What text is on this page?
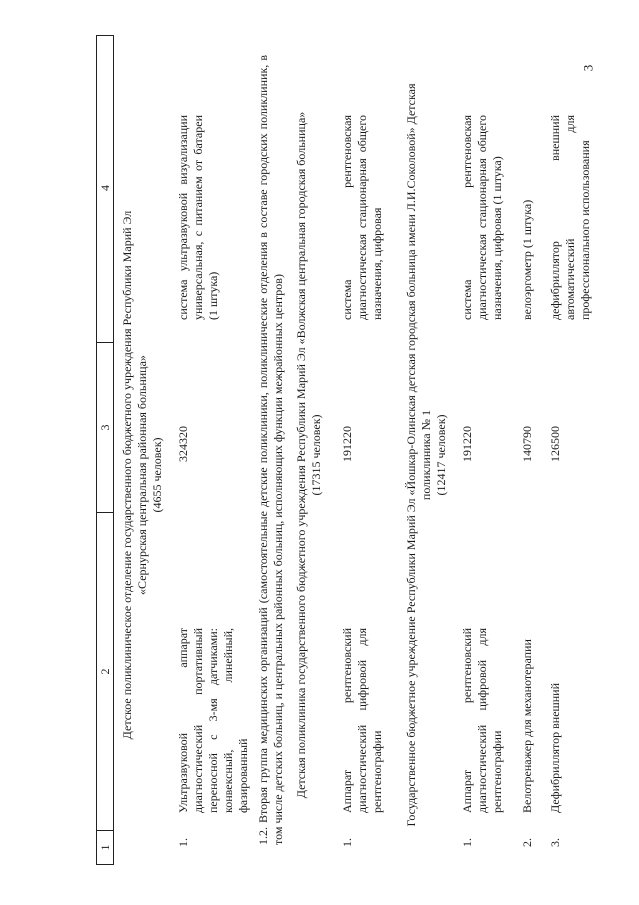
3
1
2
3
4
Детское поликлиническое отделение государственного бюджетного учреждения Республики Марий Эл «Сернурская центральная районная больница» (4655 человек)
1.
Ультразвуковой аппарат диагностический портативный переносной с 3-мя датчиками: конвексный, линейный, фазированный
324320
система ультразвуковой визуализации универсальная, с питанием от батареи (1 штука)	1.2. Вторая группа медицинских организаций (самостоятельные детские поликлиники, поликлинические отделения в составе городских поликлиник, в том числе детских больниц, и центральных районных больниц, исполняющих функции межрайонных центров) Детская поликлиника государственного бюджетного учреждения Республики Марий Эл «Волжская центральная городская больница» (17315 человек)
1.
Аппарат рентгеновский диагностический цифровой для рентгенографии
191220
система рентгеновская диагностическая стационарная общего назначения, цифровая Государственное бюджетное учреждение Республики Марий Эл «Йошкар-Олинская детская городская больница имени Л.И.Соколовой» Детская поликлиника № 1 (12417 человек)
1.
Аппарат рентгеновский диагностический цифровой для рентгенографии
191220
система рентгеновская диагностическая стационарная общего назначения, цифровая (1 штука)
2.
Велотренажер для механотерапии
140790
велоэргометр (1 штука)
3.
Дефибриллятор внешний
126500
дефибриллятор внешний автоматический для профессионального использования
